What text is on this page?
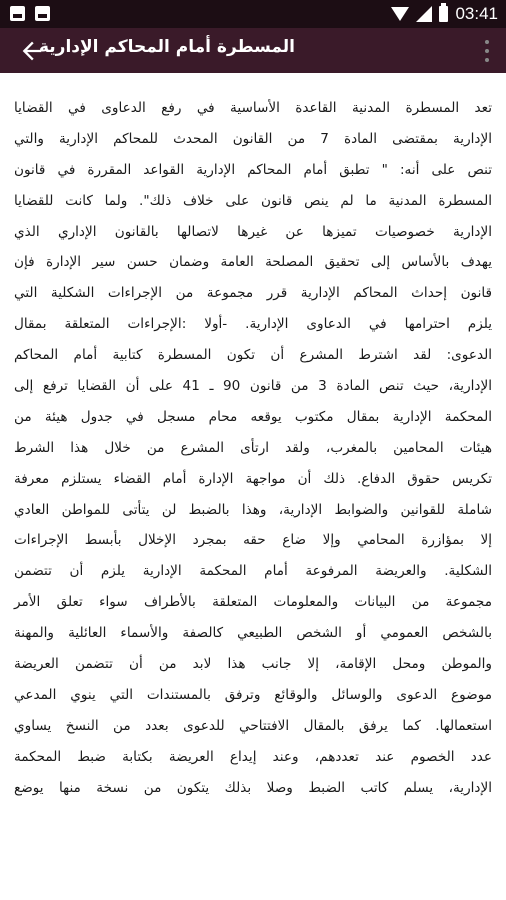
03:41
المسطرة أمام المحاكم الإدارية
تعد المسطرة المدنية القاعدة الأساسية في رفع الدعاوى في القضايا
الإدارية بمقتضى المادة 7 من القانون المحدث للمحاكم الإدارية والتي
تنص على أنه: " تطبق أمام المحاكم الإدارية القواعد المقررة في قانون
المسطرة المدنية ما لم ينص قانون على خلاف ذلك". ولما كانت للقضايا
الإدارية خصوصيات تميزها عن غيرها لاتصالها بالقانون الإداري الذي
يهدف بالأساس إلى تحقيق المصلحة العامة وضمان حسن سير الإدارة فإن
قانون إحداث المحاكم الإدارية قرر مجموعة من الإجراءات الشكلية التي
يلزم احترامها في الدعاوى الإدارية. -أولا :الإجراءات المتعلقة بمقال
الدعوى: لقد اشترط المشرع أن تكون المسطرة كتابية أمام المحاكم
الإدارية، حيث تنص المادة 3 من قانون 90 ـ 41 على أن القضايا ترفع إلى
المحكمة الإدارية بمقال مكتوب يوقعه محام مسجل في جدول هيئة من
هيئات المحامين بالمغرب، ولقد ارتأى المشرع من خلال هذا الشرط
تكريس حقوق الدفاع. ذلك أن مواجهة الإدارة أمام القضاء يستلزم معرفة
شاملة للقوانين والضوابط الإدارية، وهذا بالضبط لن يتأتى للمواطن العادي
إلا بمؤازرة المحامي وإلا ضاع حقه بمجرد الإخلال بأبسط الإجراءات
الشكلية. والعريضة المرفوعة أمام المحكمة الإدارية يلزم أن تتضمن
مجموعة من البيانات والمعلومات المتعلقة بالأطراف سواء تعلق الأمر
بالشخص العمومي أو الشخص الطبيعي كالصفة والأسماء العائلية والمهنة
والموطن ومحل الإقامة، إلا جانب هذا لابد من أن تتضمن العريضة
موضوع الدعوى والوسائل والوقائع وترفق بالمستندات التي ينوي المدعي
استعمالها. كما يرفق بالمقال الافتتاحي للدعوى بعدد من النسخ يساوي
عدد الخصوم عند تعددهم، وعند إيداع العريضة بكتابة ضبط المحكمة
الإدارية، يسلم كاتب الضبط وصلا بذلك يتكون من نسخة منها يوضع
